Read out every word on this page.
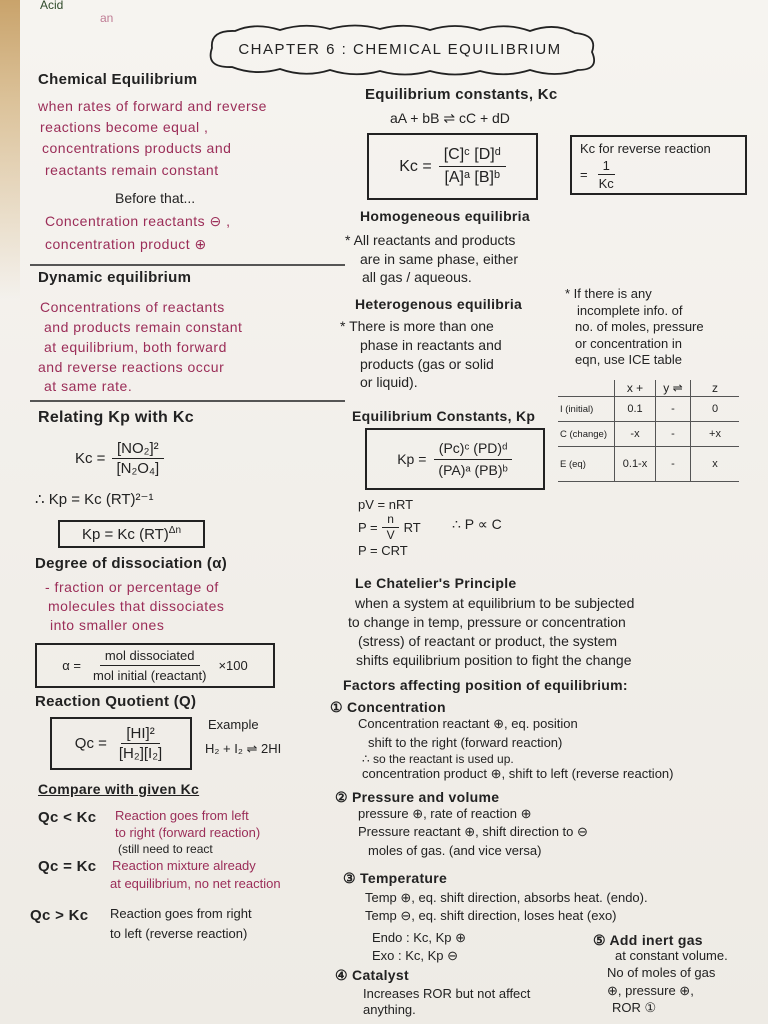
Acid
an
CHAPTER 6 : CHEMICAL EQUILIBRIUM
Chemical Equilibrium
when rates of forward and reverse
reactions become equal ,
concentrations products and
reactants remain constant
Before that...
Concentration reactants ⊖ ,
concentration product ⊕
Dynamic equilibrium
Concentrations of reactants
and products remain constant
at equilibrium, both forward
and reverse reactions occur
at same rate.
Relating Kp with Kc
$Kc = \frac{\text{[NO₂]²}}{\text{[N₂O₄]}}$
∴ Kp = Kc (RT)²⁻¹
Kp = Kc (RT)$^{\Delta n}$
Degree of dissociation (α)
- fraction or percentage of
molecules that dissociates
into smaller ones
$\alpha = \frac{\text{mol dissociated}}{\text{mol initial (reactant)}} \times 100$
Reaction Quotient (Q)
$Qc = \frac{\text{[HI]²}}{\text{[H₂][I₂]}}$
Example
H₂ + I₂ ⇌ 2HI
Compare with given Kc
Qc < Kc Reaction goes from left
to right (forward reaction)
(still need to react
Qc = Kc Reaction mixture already
at equilibrium, no net reaction
Qc > Kc Reaction goes from right
to left (reverse reaction)
Equilibrium constants, Kc
aA + bB ⇌ cC + dD
$Kc = \frac{\text{[C]ᶜ [D]ᵈ}}{\text{[A]ᵃ [B]ᵇ}}$	Kc for reverse reaction
= $\frac{1}{Kc}$
Homogeneous equilibria
* All reactants and products
are in same phase, either
all gas / aqueous.
Heterogenous equilibria
* There is more than one
phase in reactants and
products (gas or solid
or liquid).
* If there is any
incomplete info. of
no. of moles, pressure
or concentration in
eqn, use ICE table
	x +	y ⇌	z
I (initial)	0.1	-	0
C (change)	-x	-	+x
E (eq)	0.1-x	-	x
Equilibrium Constants, Kp
$Kp = \frac{\text{(Pc)ᶜ (PD)ᵈ}}{\text{(PA)ᵃ (PB)ᵇ}}$
pV = nRT
$P = \frac{n}{V}$ RT ∴ P ∝ C
P = CRT
Le Chatelier's Principle
when a system at equilibrium to be subjected
to change in temp, pressure or concentration
(stress) of reactant or product, the system
shifts equilibrium position to fight the change
Factors affecting position of equilibrium:
① Concentration
Concentration reactant ⊕, eq. position
shift to the right (forward reaction)
∴ so the reactant is used up.
concentration product ⊕, shift to left (reverse reaction)
② Pressure and volume
pressure ⊕, rate of reaction ⊕
Pressure reactant ⊕, shift direction to ⊖
moles of gas. (and vice versa)
③ Temperature
Temp ⊕, eq. shift direction, absorbs heat. (endo).
Temp ⊖, eq. shift direction, loses heat (exo)
Endo : Kc, Kp ⊕
Exo : Kc, Kp ⊖
④ Catalyst
Increases ROR but not affect
anything.
⑤ Add inert gas
at constant volume.
No of moles of gas
⊕, pressure ⊕,
ROR ①
